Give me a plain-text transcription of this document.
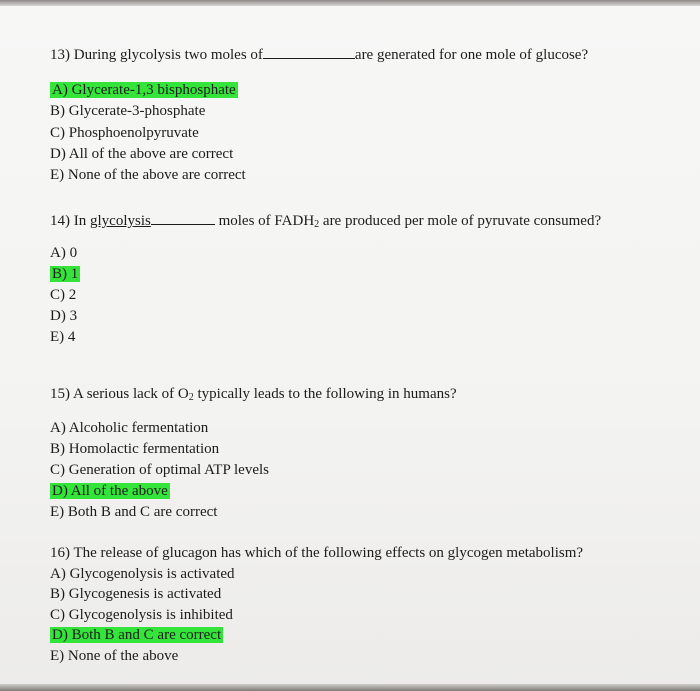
13) During glycolysis two moles of	are generated for one mole of glucose?
A) Glycerate-1,3 bisphosphate
B) Glycerate-3-phosphate
C) Phosphoenolpyruvate
D) All of the above are correct
E) None of the above are correct
14) In glycolysis	moles of $FADH_2$ are produced per mole of pyruvate consumed?
A) 0
B) 1
C) 2
D) 3
E) 4
15) A serious lack of $O_2$ typically leads to the following in humans?
A) Alcoholic fermentation
B) Homolactic fermentation
C) Generation of optimal ATP levels
D) All of the above
E) Both B and C are correct
16) The release of glucagon has which of the following effects on glycogen metabolism?
A) Glycogenolysis is activated
B) Glycogenesis is activated
C) Glycogenolysis is inhibited
D) Both B and C are correct
E) None of the above
